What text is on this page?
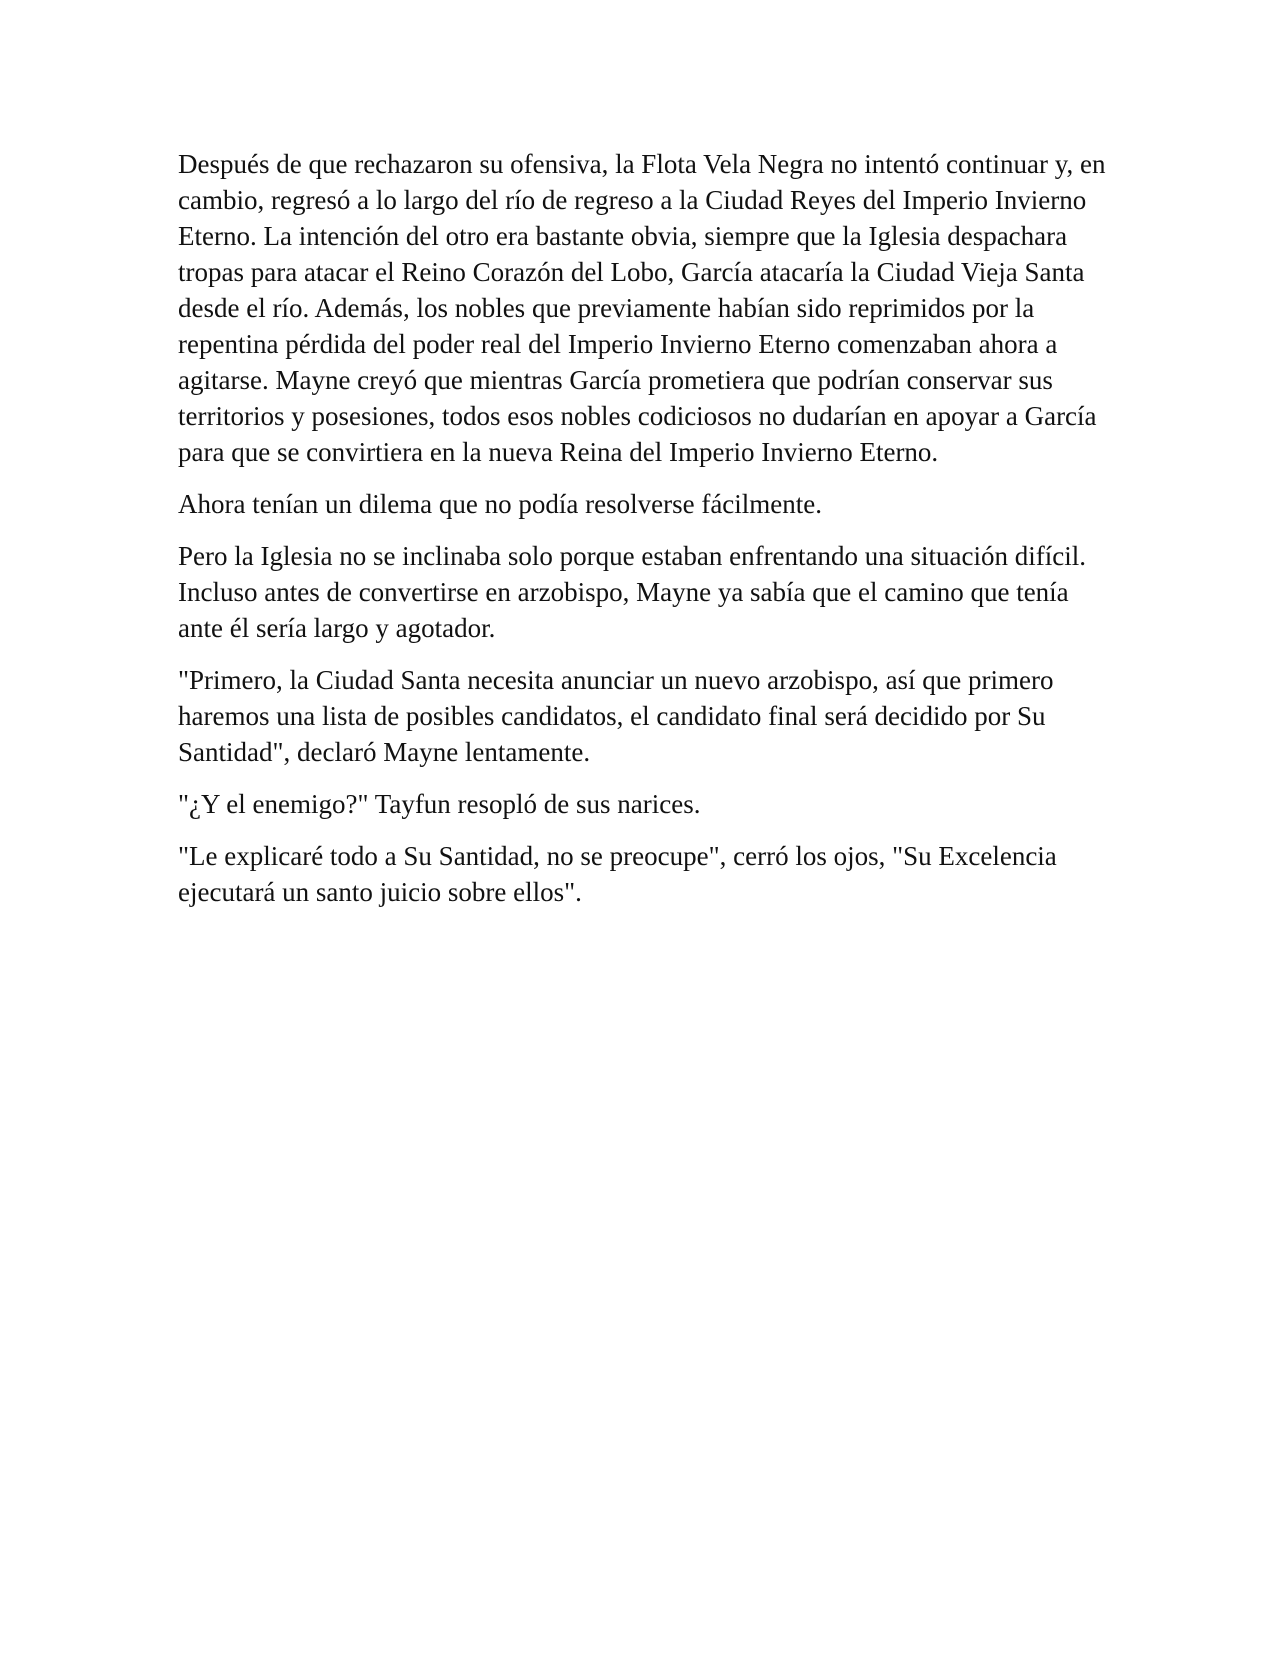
Después de que rechazaron su ofensiva, la Flota Vela Negra no intentó continuar y, en cambio, regresó a lo largo del río de regreso a la Ciudad Reyes del Imperio Invierno Eterno. La intención del otro era bastante obvia, siempre que la Iglesia despachara tropas para atacar el Reino Corazón del Lobo, García atacaría la Ciudad Vieja Santa desde el río. Además, los nobles que previamente habían sido reprimidos por la repentina pérdida del poder real del Imperio Invierno Eterno comenzaban ahora a agitarse. Mayne creyó que mientras García prometiera que podrían conservar sus territorios y posesiones, todos esos nobles codiciosos no dudarían en apoyar a García para que se convirtiera en la nueva Reina del Imperio Invierno Eterno.

Ahora tenían un dilema que no podía resolverse fácilmente.

Pero la Iglesia no se inclinaba solo porque estaban enfrentando una situación difícil. Incluso antes de convertirse en arzobispo, Mayne ya sabía que el camino que tenía ante él sería largo y agotador.

"Primero, la Ciudad Santa necesita anunciar un nuevo arzobispo, así que primero haremos una lista de posibles candidatos, el candidato final será decidido por Su Santidad", declaró Mayne lentamente.

"¿Y el enemigo?" Tayfun resopló de sus narices.

"Le explicaré todo a Su Santidad, no se preocupe", cerró los ojos, "Su Excelencia ejecutará un santo juicio sobre ellos".
